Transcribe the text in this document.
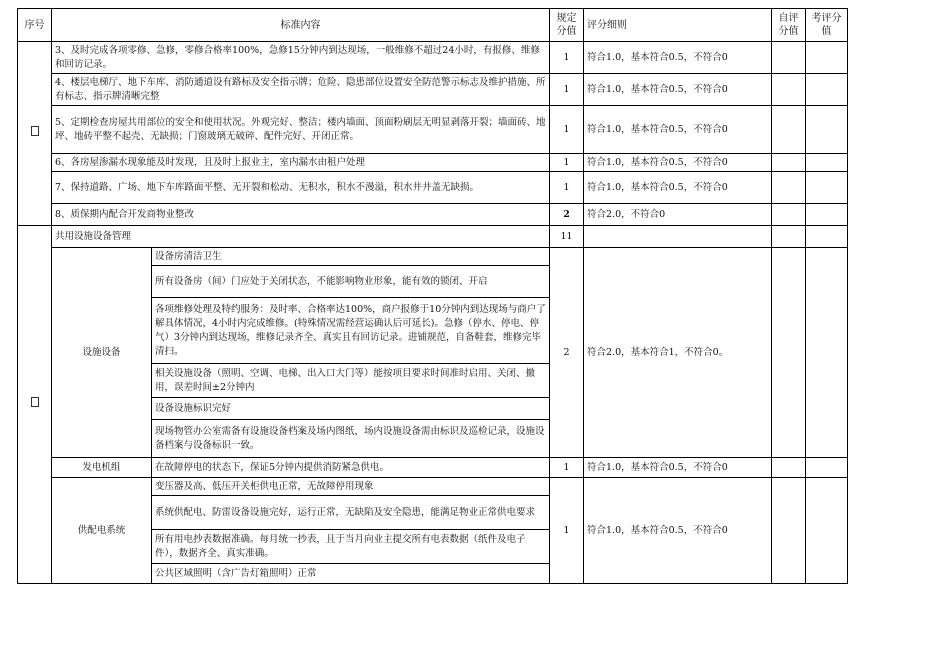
序号	标准内容		规定分值	评分细则	自评分值	考评分值
	3、及时完成各项零修、急修，零修合格率100%，急修15分钟内到达现场，一般维修不超过24小时，有报修、维修和回访记录。		1	符合1.0，基本符合0.5，不符合0		
	4、楼层电梯厅、地下车库、消防通道设有路标及安全指示牌；危险、隐患部位设置安全防范警示标志及维护措施、所有标志、指示牌清晰完整		1	符合1.0，基本符合0.5，不符合0		
	5、定期检查房屋共用部位的安全和使用状况。外观完好、整洁；楼内墙面、顶面粉刷层无明显剥落开裂；墙面砖、地坪、地砖平整不起壳、无缺损；门窗玻璃无破碎、配件完好、开闭正常。		1	符合1.0，基本符合0.5，不符合0		
	6、各房屋渗漏水现象能及时发现，且及时上报业主，室内漏水由租户处理		1	符合1.0，基本符合0.5，不符合0		
	7、保持道路、广场、地下车库路面平整、无开裂和松动、无积水，积水不漫溢，积水井井盖无缺损。		1	符合1.0，基本符合0.5，不符合0		
	8、质保期内配合开发商物业整改		2	符合2.0，不符合0		
	共用设施设备管理		11			
	设施设备	设备房清洁卫生	2	符合2.0，基本符合1，不符合0。		
		所有设备房（间）门应处于关闭状态，不能影响物业形象，能有效的锁闭、开启				
		各项维修处理及特约服务：及时率、合格率达100%，商户报修于10分钟内到达现场与商户了解具体情况，4小时内完成维修。(特殊情况需经营运确认后可延长)。急修（停水、停电、停气）3分钟内到达现场，维修记录齐全、真实且有回访记录。进铺规范，自备鞋套，维修完毕清扫。				
		相关设施设备（照明、空调、电梯、出入口大门等）能按项目要求时间准时启用、关闭、撤用，误差时间±2分钟内				
		设备设施标识完好				
		现场物管办公室需备有设施设备档案及场内图纸，场内设施设备需由标识及巡检记录，设施设备档案与设备标识一致。				
	发电机组	在故障停电的状态下，保证5分钟内提供消防紧急供电。	1	符合1.0，基本符合0.5，不符合0		
	供配电系统	变压器及高、低压开关柜供电正常，无故障停用现象	1	符合1.0，基本符合0.5，不符合0		
		系统供配电、防雷设备设施完好，运行正常，无缺陷及安全隐患，能满足物业正常供电要求				
		所有用电抄表数据准确。每月统一抄表，且于当月向业主提交所有电表数据（纸件及电子件），数据齐全、真实准确。				
		公共区域照明（含广告灯箱照明）正常				
